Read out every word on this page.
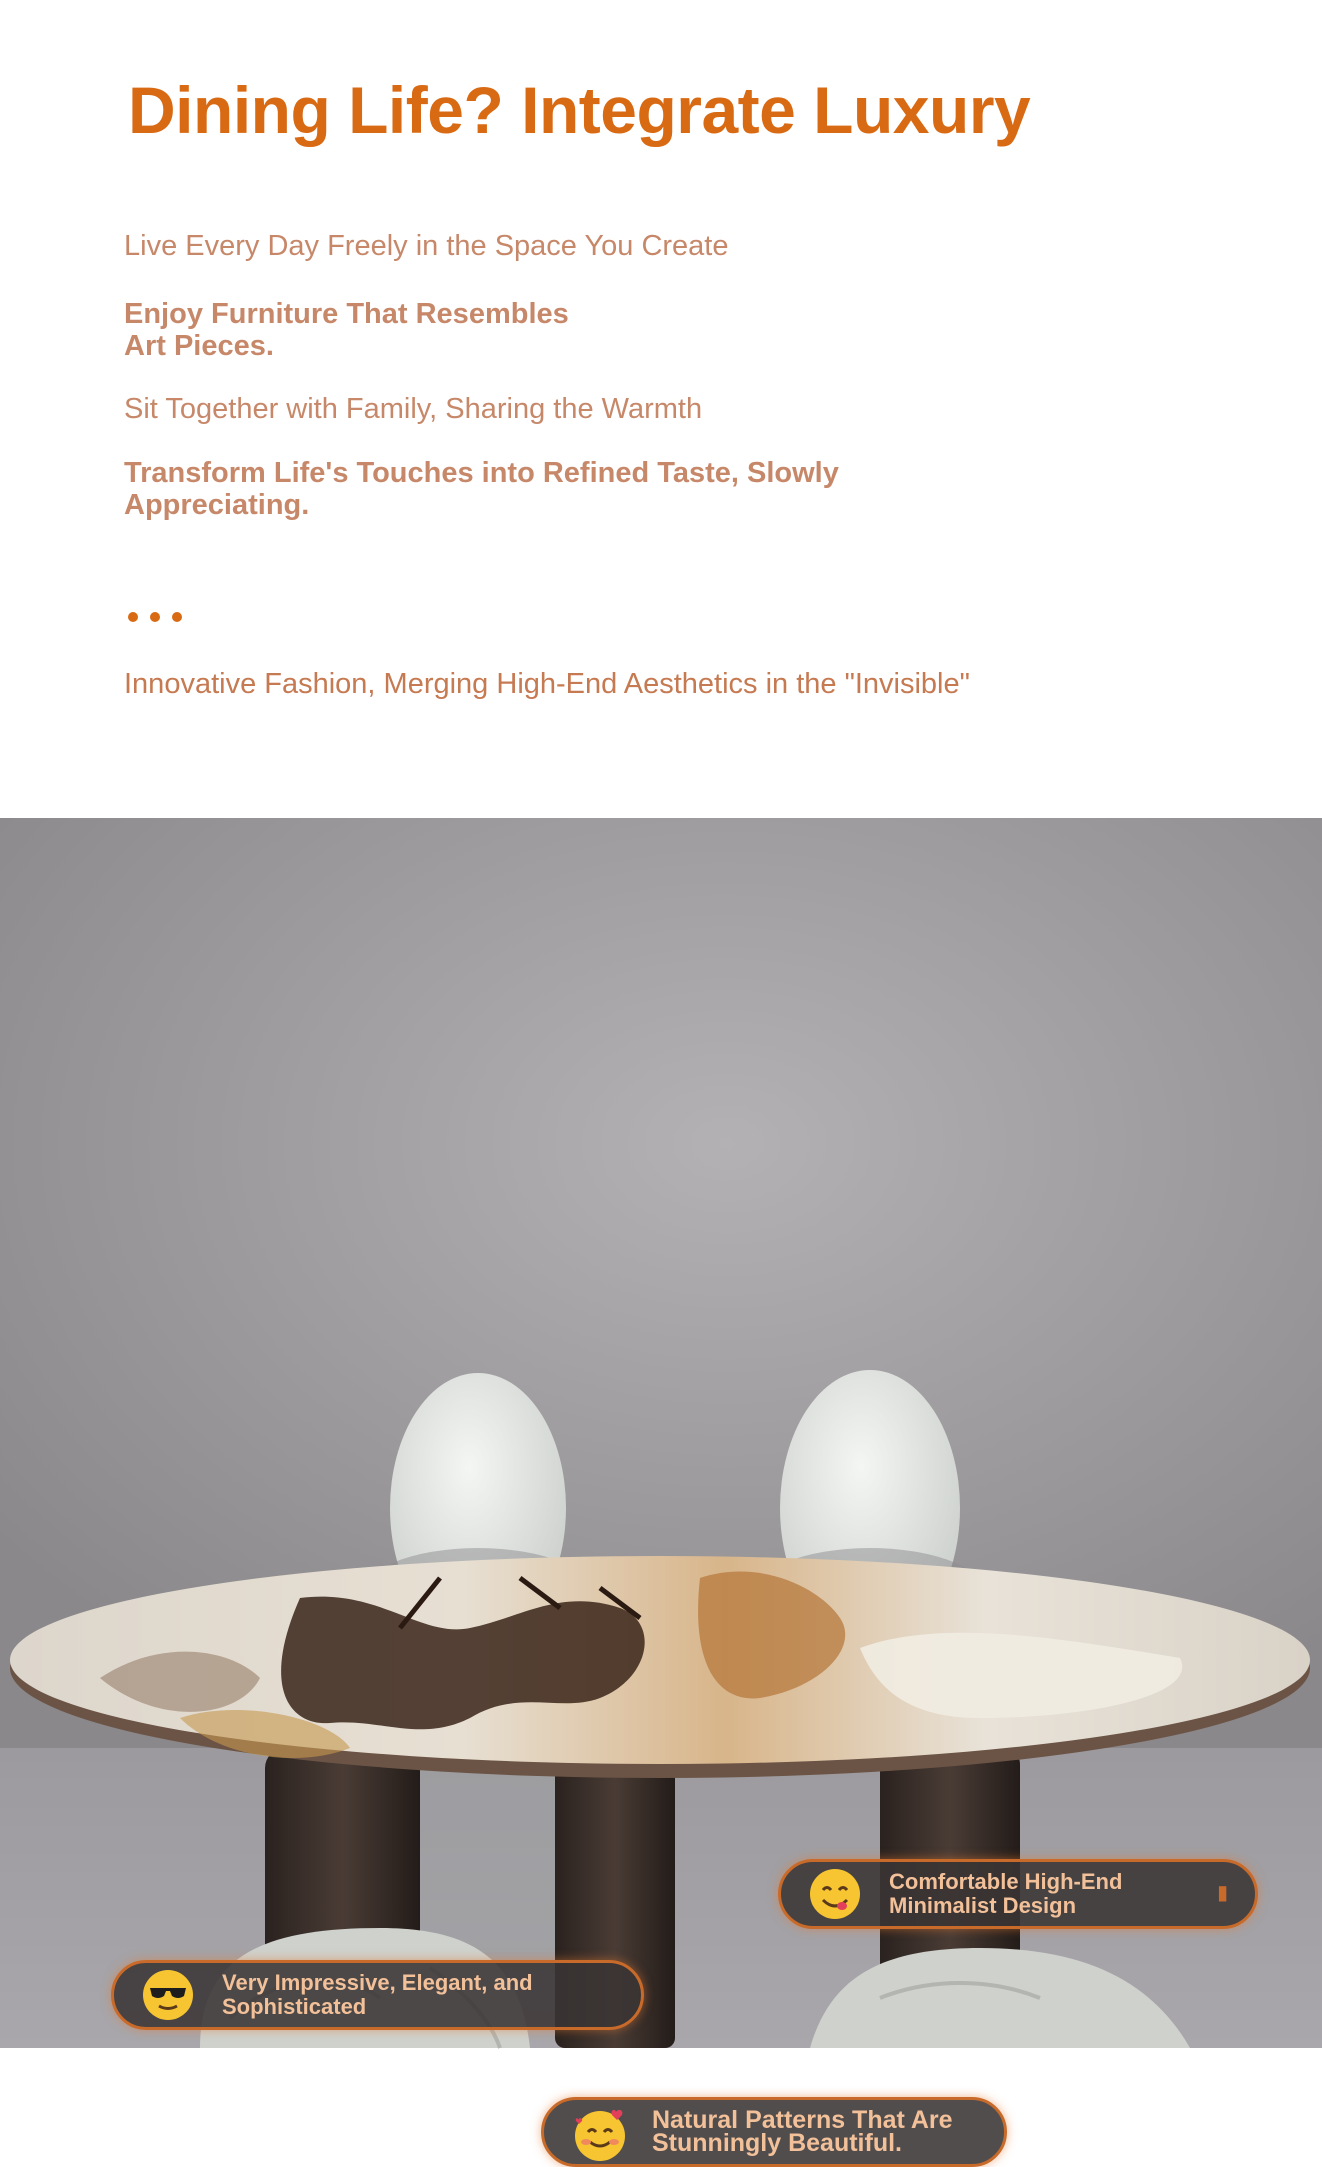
Dining Life? Integrate Luxury

Live Every Day Freely in the Space You Create

Enjoy Furniture That Resembles
Art Pieces.

Sit Together with Family, Sharing the Warmth

Transform Life's Touches into Refined Taste, Slowly
Appreciating.

Innovative Fashion, Merging High-End Aesthetics in the "Invisible"

Comfortable High-End
Minimalist Design	▮
Very Impressive, Elegant, and
Sophisticated
Natural Patterns That Are
Stunningly Beautiful.
